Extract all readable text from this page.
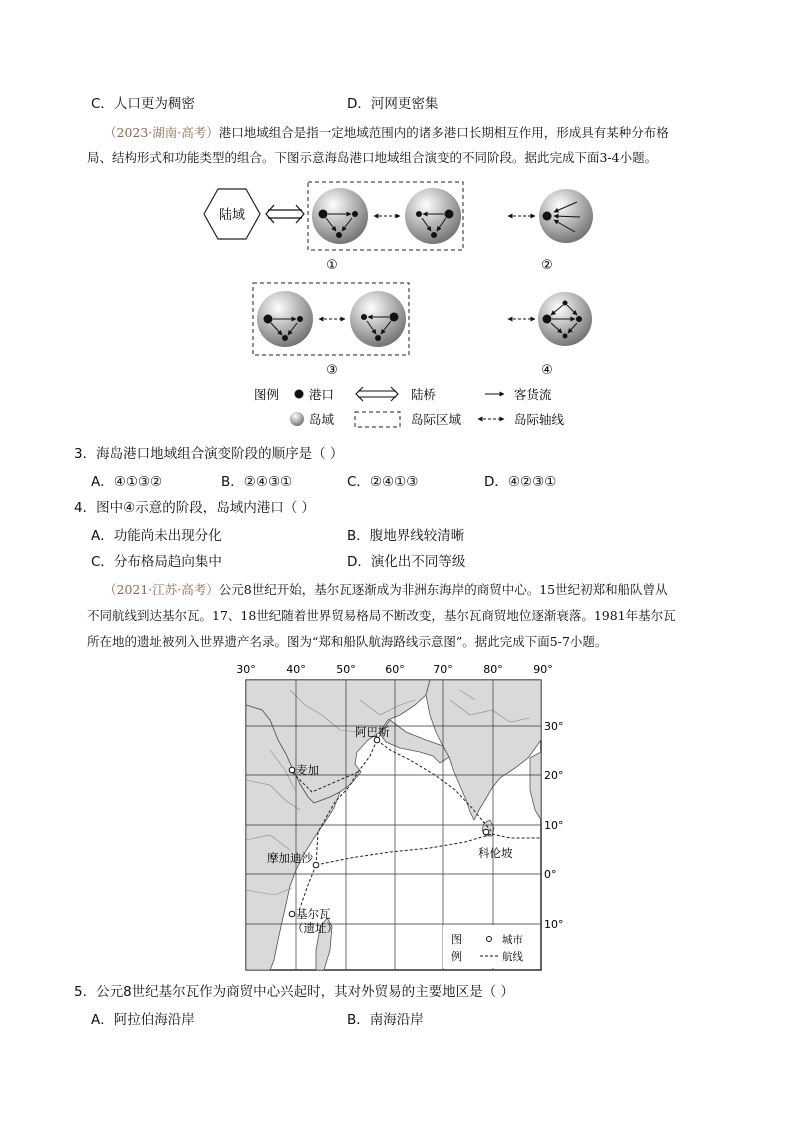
C．人口更为稠密	D．河网更密集
（2023·湖南·高考）港口地域组合是指一定地域范围内的诸多港口长期相互作用，形成具有某种分布格
局、结构形式和功能类型的组合。下图示意海岛港口地域组合演变的不同阶段。据此完成下面3-4小题。
陆域
①	②
③	④
图例 港口	陆桥	客货流
岛域	岛际区域	岛际轴线
3．海岛港口地域组合演变阶段的顺序是（ ）
A．④①③②	B．②④③①	C．②④①③	D．④②③①
4．图中④示意的阶段，岛域内港口（ ）
A．功能尚未出现分化	B．腹地界线较清晰
C．分布格局趋向集中	D．演化出不同等级
（2021·江苏·高考）公元8世纪开始，基尔瓦逐渐成为非洲东海岸的商贸中心。15世纪初郑和船队曾从
不同航线到达基尔瓦。17、18世纪随着世界贸易格局不断改变，基尔瓦商贸地位逐渐衰落。1981年基尔瓦
所在地的遗址被列入世界遗产名录。图为“郑和船队航海路线示意图”。据此完成下面5-7小题。
30°	40°	50°	60°	70°	80°	90°
30°
20°
10°
0°
10°
阿巴斯
麦加
摩加迪沙	科伦坡
基尔瓦
（遗址）
图
例
城市
航线
5．公元8世纪基尔瓦作为商贸中心兴起时，其对外贸易的主要地区是（ ）
A．阿拉伯海沿岸	B．南海沿岸
